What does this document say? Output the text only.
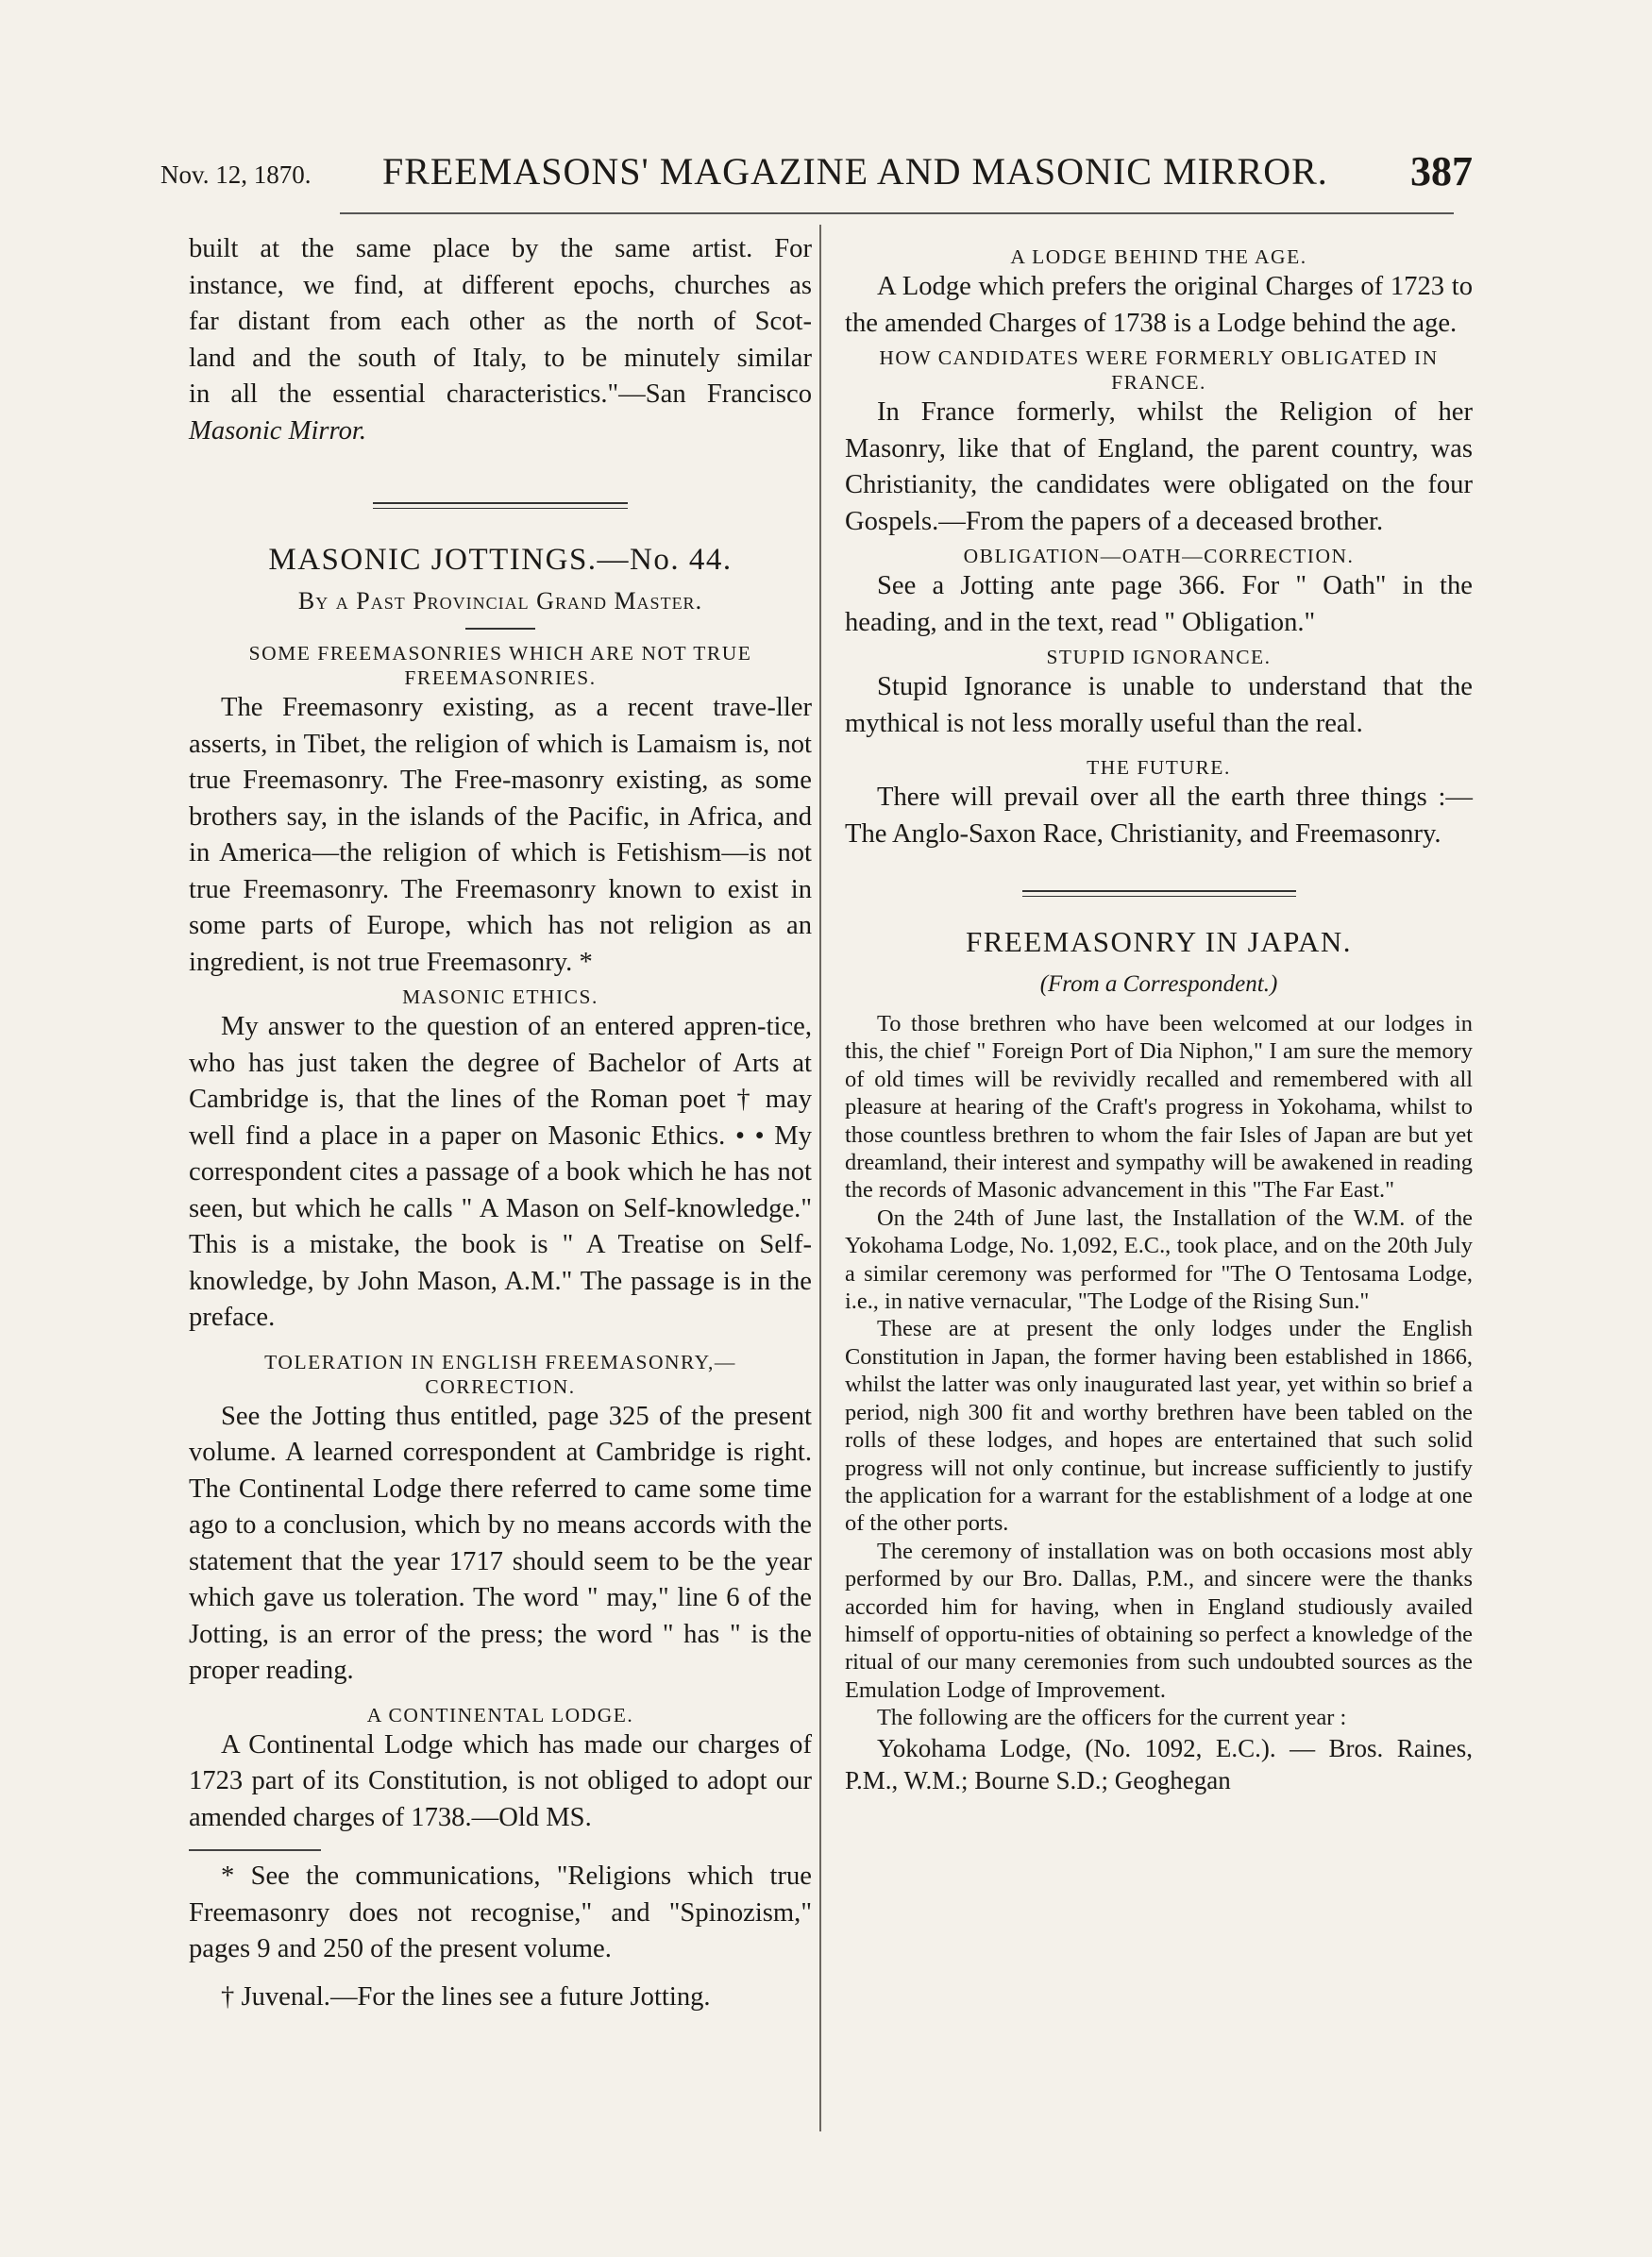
Nov. 12, 1870. FREEMASONS' MAGAZINE AND MASONIC MIRROR. 387

built at the same place by the same artist. For

instance, we find, at different epochs, churches as

far distant from each other as the north of Scot-

land and the south of Italy, to be minutely similar

in all the essential characteristics."—San Francisco

Masonic Mirror.

MASONIC JOTTINGS.—No. 44.
By a Past Provincial Grand Master.
SOME FREEMASONRIES WHICH ARE NOT TRUE FREEMASONRIES.

The Freemasonry existing, as a recent trave-ller asserts, in Tibet, the religion of which is Lamaism is, not true Freemasonry. The Free-masonry existing, as some brothers say, in the islands of the Pacific, in Africa, and in America—the religion of which is Fetishism—is not true Freemasonry. The Freemasonry known to exist in some parts of Europe, which has not religion as an ingredient, is not true Freemasonry. *

MASONIC ETHICS.

My answer to the question of an entered appren-tice, who has just taken the degree of Bachelor of Arts at Cambridge is, that the lines of the Roman poet † may well find a place in a paper on Masonic Ethics. • • My correspondent cites a passage of a book which he has not seen, but which he calls " A Mason on Self-knowledge." This is a mistake, the book is " A Treatise on Self-knowledge, by John Mason, A.M." The passage is in the preface.

TOLERATION IN ENGLISH FREEMASONRY,— CORRECTION.

See the Jotting thus entitled, page 325 of the present volume. A learned correspondent at Cambridge is right. The Continental Lodge there referred to came some time ago to a conclusion, which by no means accords with the statement that the year 1717 should seem to be the year which gave us toleration. The word " may," line 6 of the Jotting, is an error of the press; the word " has " is the proper reading.

A CONTINENTAL LODGE.

A Continental Lodge which has made our charges of 1723 part of its Constitution, is not obliged to adopt our amended charges of 1738.—Old MS.

* See the communications, "Religions which true Freemasonry does not recognise," and "Spinozism," pages 9 and 250 of the present volume.

† Juvenal.—For the lines see a future Jotting.

A LODGE BEHIND THE AGE.

A Lodge which prefers the original Charges of 1723 to the amended Charges of 1738 is a Lodge behind the age.

HOW CANDIDATES WERE FORMERLY OBLIGATED IN FRANCE.

In France formerly, whilst the Religion of her Masonry, like that of England, the parent country, was Christianity, the candidates were obligated on the four Gospels.—From the papers of a deceased brother.

OBLIGATION—OATH—CORRECTION.

See a Jotting ante page 366. For " Oath" in the heading, and in the text, read " Obligation."

STUPID IGNORANCE.

Stupid Ignorance is unable to understand that the mythical is not less morally useful than the real.

THE FUTURE.

There will prevail over all the earth three things :—The Anglo-Saxon Race, Christianity, and Freemasonry.

FREEMASONRY IN JAPAN.
(From a Correspondent.)

To those brethren who have been welcomed at our lodges in this, the chief " Foreign Port of Dia Niphon," I am sure the memory of old times will be revividly recalled and remembered with all pleasure at hearing of the Craft's progress in Yokohama, whilst to those countless brethren to whom the fair Isles of Japan are but yet dreamland, their interest and sympathy will be awakened in reading the records of Masonic advancement in this "The Far East."

On the 24th of June last, the Installation of the W.M. of the Yokohama Lodge, No. 1,092, E.C., took place, and on the 20th July a similar ceremony was performed for "The O Tentosama Lodge, i.e., in native vernacular, "The Lodge of the Rising Sun."

These are at present the only lodges under the English Constitution in Japan, the former having been established in 1866, whilst the latter was only inaugurated last year, yet within so brief a period, nigh 300 fit and worthy brethren have been tabled on the rolls of these lodges, and hopes are entertained that such solid progress will not only continue, but increase sufficiently to justify the application for a warrant for the establishment of a lodge at one of the other ports.

The ceremony of installation was on both occasions most ably performed by our Bro. Dallas, P.M., and sincere were the thanks accorded him for having, when in England studiously availed himself of opportu-nities of obtaining so perfect a knowledge of the ritual of our many ceremonies from such undoubted sources as the Emulation Lodge of Improvement.

The following are the officers for the current year :

Yokohama Lodge, (No. 1092, E.C.). — Bros. Raines, P.M., W.M.; Bourne S.D.; Geoghegan
